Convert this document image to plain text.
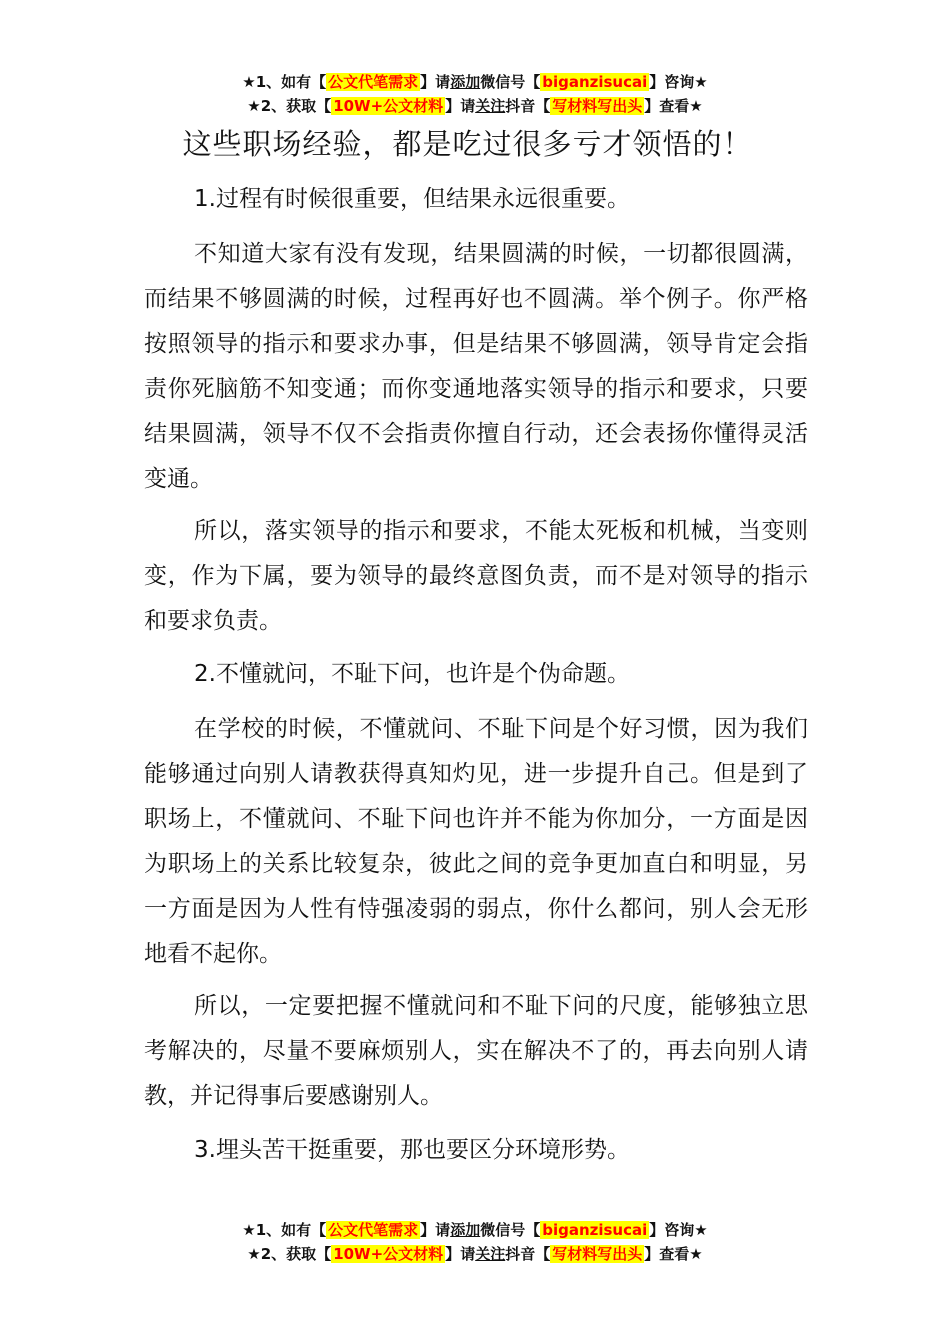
★1、如有【 公文代笔需求 】请添加微信号【 biganzisucai 】咨询★
★2、获取【 10W+公文材料 】请关注抖音【 写材料写出头 】查看★
这些职场经验，都是吃过很多亏才领悟的！
1.过程有时候很重要，但结果永远很重要。
不知道大家有没有发现，结果圆满的时候，一切都很圆满，而结果不够圆满的时候，过程再好也不圆满。举个例子。你严格按照领导的指示和要求办事，但是结果不够圆满，领导肯定会指责你死脑筋不知变通；而你变通地落实领导的指示和要求，只要结果圆满，领导不仅不会指责你擅自行动，还会表扬你懂得灵活变通。
所以，落实领导的指示和要求，不能太死板和机械，当变则变，作为下属，要为领导的最终意图负责，而不是对领导的指示和要求负责。
2.不懂就问，不耻下问，也许是个伪命题。
在学校的时候，不懂就问、不耻下问是个好习惯，因为我们能够通过向别人请教获得真知灼见，进一步提升自己。但是到了职场上，不懂就问、不耻下问也许并不能为你加分，一方面是因为职场上的关系比较复杂，彼此之间的竞争更加直白和明显，另一方面是因为人性有恃强凌弱的弱点，你什么都问，别人会无形地看不起你。
所以，一定要把握不懂就问和不耻下问的尺度，能够独立思考解决的，尽量不要麻烦别人，实在解决不了的，再去向别人请教，并记得事后要感谢别人。
3.埋头苦干挺重要，那也要区分环境形势。
★1、如有【 公文代笔需求 】请添加微信号【 biganzisucai 】咨询★
★2、获取【 10W+公文材料 】请关注抖音【 写材料写出头 】查看★
